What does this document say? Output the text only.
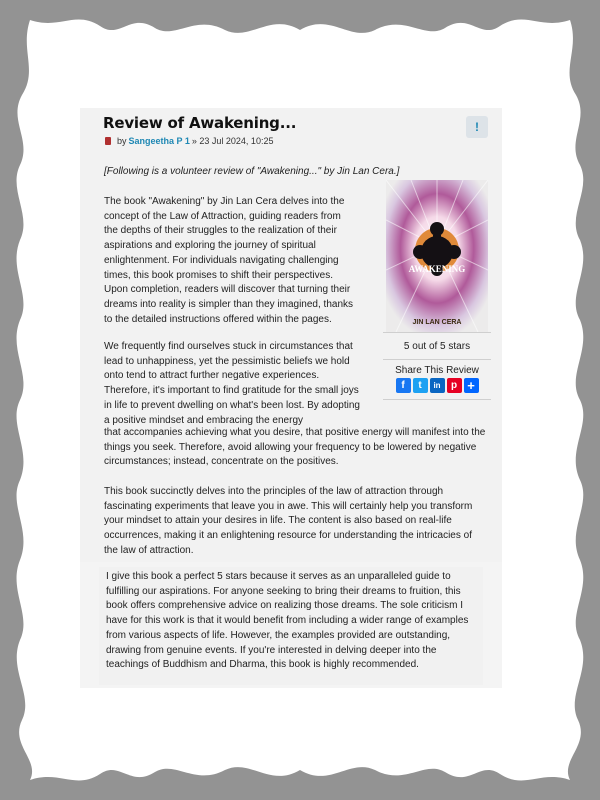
Review of Awakening...
by Sangeetha P 1 » 23 Jul 2024, 10:25
!
[Following is a volunteer review of "Awakening..." by Jin Lan Cera.]

The book "Awakening" by Jin Lan Cera delves into the concept of the Law of Attraction, guiding readers from the depths of their struggles to the realization of their aspirations and exploring the journey of spiritual enlightenment. For individuals navigating challenging times, this book promises to shift their perspectives. Upon completion, readers will discover that turning their dreams into reality is simpler than they imagined, thanks to the detailed instructions offered within the pages.

We frequently find ourselves stuck in circumstances that lead to unhappiness, yet the pessimistic beliefs we hold onto tend to attract further negative experiences. Therefore, it's important to find gratitude for the small joys in life to prevent dwelling on what's been lost. By adopting a positive mindset and embracing the energy

that accompanies achieving what you desire, that positive energy will manifest into the things you seek. Therefore, avoid allowing your frequency to be lowered by negative circumstances; instead, concentrate on the positives.

This book succinctly delves into the principles of the law of attraction through fascinating experiments that leave you in awe. This will certainly help you transform your mindset to attain your desires in life. The content is also based on real-life occurrences, making it an enlightening resource for understanding the intricacies of the law of attraction.

AWAKENING
JIN LAN CERA
5 out of 5 stars
Share This Review
f	t	in	p +

I give this book a perfect 5 stars because it serves as an unparalleled guide to fulfilling our aspirations. For anyone seeking to bring their dreams to fruition, this book offers comprehensive advice on realizing those dreams. The sole criticism I have for this work is that it would benefit from including a wider range of examples from various aspects of life. However, the examples provided are outstanding, drawing from genuine events. If you're interested in delving deeper into the teachings of Buddhism and Dharma, this book is highly recommended.
